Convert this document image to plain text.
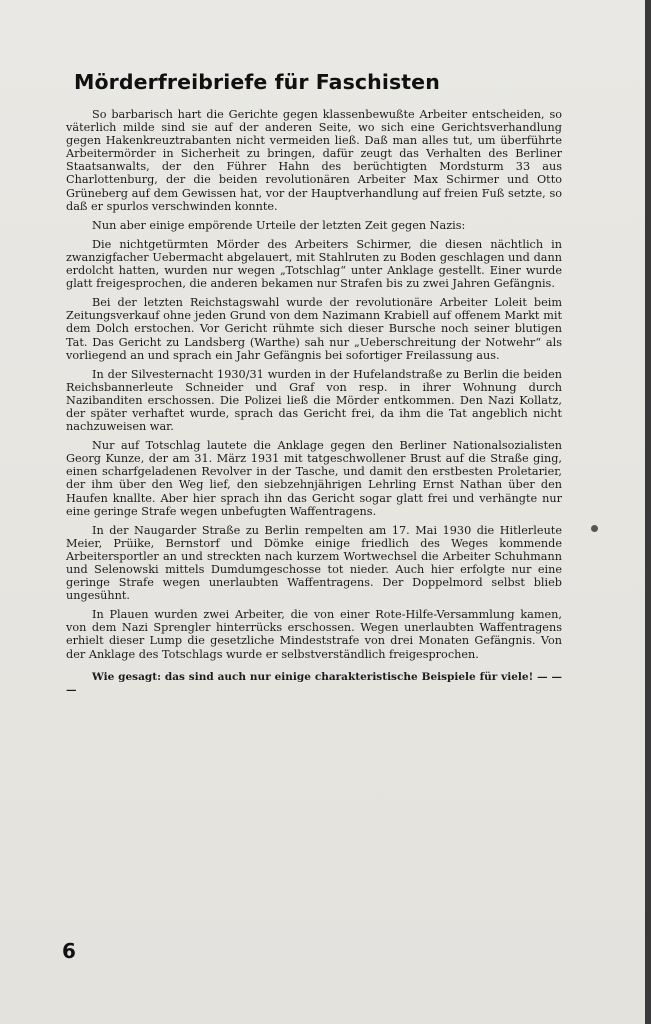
Mörderfreibriefe für Faschisten

So barbarisch hart die Gerichte gegen klassenbewußte Arbeiter entscheiden, so väterlich milde sind sie auf der anderen Seite, wo sich eine Gerichtsverhandlung gegen Hakenkreuztrabanten nicht vermeiden ließ. Daß man alles tut, um überführte Arbeitermörder in Sicherheit zu bringen, dafür zeugt das Verhalten des Berliner Staatsanwalts, der den Führer Hahn des berüchtigten Mordsturm 33 aus Charlottenburg, der die beiden revolutionären Arbeiter Max Schirmer und Otto Grüneberg auf dem Gewissen hat, vor der Hauptverhandlung auf freien Fuß setzte, so daß er spurlos verschwinden konnte.

Nun aber einige empörende Urteile der letzten Zeit gegen Nazis:

Die nichtgetürmten Mörder des Arbeiters Schirmer, die diesen nächtlich in zwanzigfacher Uebermacht abgelauert, mit Stahlruten zu Boden geschlagen und dann erdolcht hatten, wurden nur wegen „Totschlag“ unter Anklage gestellt. Einer wurde glatt freigesprochen, die anderen bekamen nur Strafen bis zu zwei Jahren Gefängnis.

Bei der letzten Reichstagswahl wurde der revolutionäre Arbeiter Loleit beim Zeitungsverkauf ohne jeden Grund von dem Nazimann Krabiell auf offenem Markt mit dem Dolch erstochen. Vor Gericht rühmte sich dieser Bursche noch seiner blutigen Tat. Das Gericht zu Landsberg (Warthe) sah nur „Ueberschreitung der Notwehr“ als vorliegend an und sprach ein Jahr Gefängnis bei sofortiger Freilassung aus.

In der Silvesternacht 1930/31 wurden in der Hufelandstraße zu Berlin die beiden Reichsbannerleute Schneider und Graf von resp. in ihrer Wohnung durch Nazibanditen erschossen. Die Polizei ließ die Mörder entkommen. Den Nazi Kollatz, der später verhaftet wurde, sprach das Gericht frei, da ihm die Tat angeblich nicht nachzuweisen war.

Nur auf Totschlag lautete die Anklage gegen den Berliner Nationalsozialisten Georg Kunze, der am 31. März 1931 mit tatgeschwollener Brust auf die Straße ging, einen scharfgeladenen Revolver in der Tasche, und damit den erstbesten Proletarier, der ihm über den Weg lief, den siebzehnjährigen Lehrling Ernst Nathan über den Haufen knallte. Aber hier sprach ihn das Gericht sogar glatt frei und verhängte nur eine geringe Strafe wegen unbefugten Waffentragens.

In der Naugarder Straße zu Berlin rempelten am 17. Mai 1930 die Hitlerleute Meier, Prüike, Bernstorf und Dömke einige friedlich des Weges kommende Arbeitersportler an und streckten nach kurzem Wortwechsel die Arbeiter Schuhmann und Selenowski mittels Dumdumgeschosse tot nieder. Auch hier erfolgte nur eine geringe Strafe wegen unerlaubten Waffentragens. Der Doppelmord selbst blieb ungesühnt.

In Plauen wurden zwei Arbeiter, die von einer Rote-Hilfe-Versammlung kamen, von dem Nazi Sprengler hinterrücks erschossen. Wegen unerlaubten Waffentragens erhielt dieser Lump die gesetzliche Mindeststrafe von drei Monaten Gefängnis. Von der Anklage des Totschlags wurde er selbstverständlich freigesprochen.

Wie gesagt: das sind auch nur einige charakteristische Beispiele für viele! — — —

6
